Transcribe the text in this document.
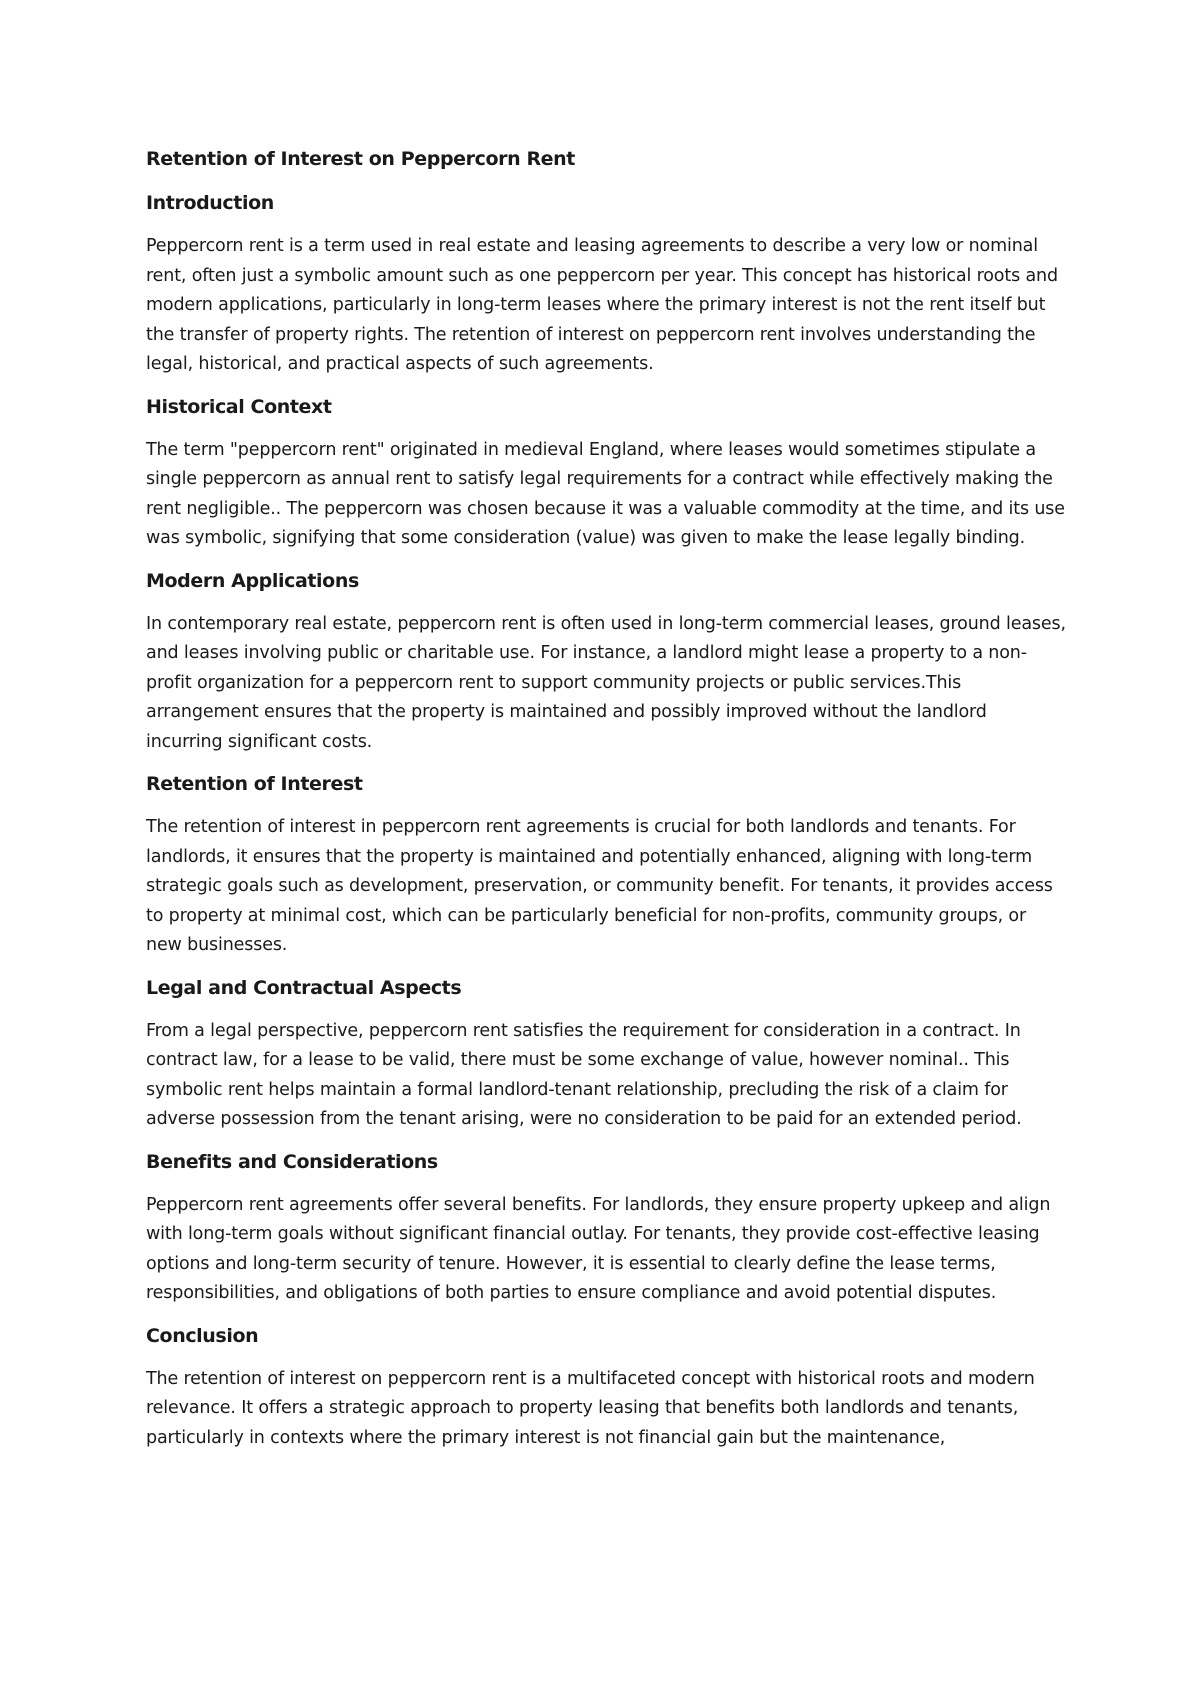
Retention of Interest on Peppercorn Rent
Introduction

Peppercorn rent is a term used in real estate and leasing agreements to describe a very low or nominal rent, often just a symbolic amount such as one peppercorn per year. This concept has historical roots and modern applications, particularly in long-term leases where the primary interest is not the rent itself but the transfer of property rights. The retention of interest on peppercorn rent involves understanding the legal, historical, and practical aspects of such agreements.

Historical Context

The term "peppercorn rent" originated in medieval England, where leases would sometimes stipulate a single peppercorn as annual rent to satisfy legal requirements for a contract while effectively making the rent negligible.. The peppercorn was chosen because it was a valuable commodity at the time, and its use was symbolic, signifying that some consideration (value) was given to make the lease legally binding.

Modern Applications

In contemporary real estate, peppercorn rent is often used in long-term commercial leases, ground leases, and leases involving public or charitable use. For instance, a landlord might lease a property to a non-profit organization for a peppercorn rent to support community projects or public services.This arrangement ensures that the property is maintained and possibly improved without the landlord incurring significant costs.

Retention of Interest

The retention of interest in peppercorn rent agreements is crucial for both landlords and tenants. For landlords, it ensures that the property is maintained and potentially enhanced, aligning with long-term strategic goals such as development, preservation, or community benefit. For tenants, it provides access to property at minimal cost, which can be particularly beneficial for non-profits, community groups, or new businesses.

Legal and Contractual Aspects

From a legal perspective, peppercorn rent satisfies the requirement for consideration in a contract. In contract law, for a lease to be valid, there must be some exchange of value, however nominal.. This symbolic rent helps maintain a formal landlord-tenant relationship, precluding the risk of a claim for adverse possession from the tenant arising, were no consideration to be paid for an extended period.

Benefits and Considerations

Peppercorn rent agreements offer several benefits. For landlords, they ensure property upkeep and align with long-term goals without significant financial outlay. For tenants, they provide cost-effective leasing options and long-term security of tenure. However, it is essential to clearly define the lease terms, responsibilities, and obligations of both parties to ensure compliance and avoid potential disputes.

Conclusion

The retention of interest on peppercorn rent is a multifaceted concept with historical roots and modern relevance. It offers a strategic approach to property leasing that benefits both landlords and tenants, particularly in contexts where the primary interest is not financial gain but the maintenance,
